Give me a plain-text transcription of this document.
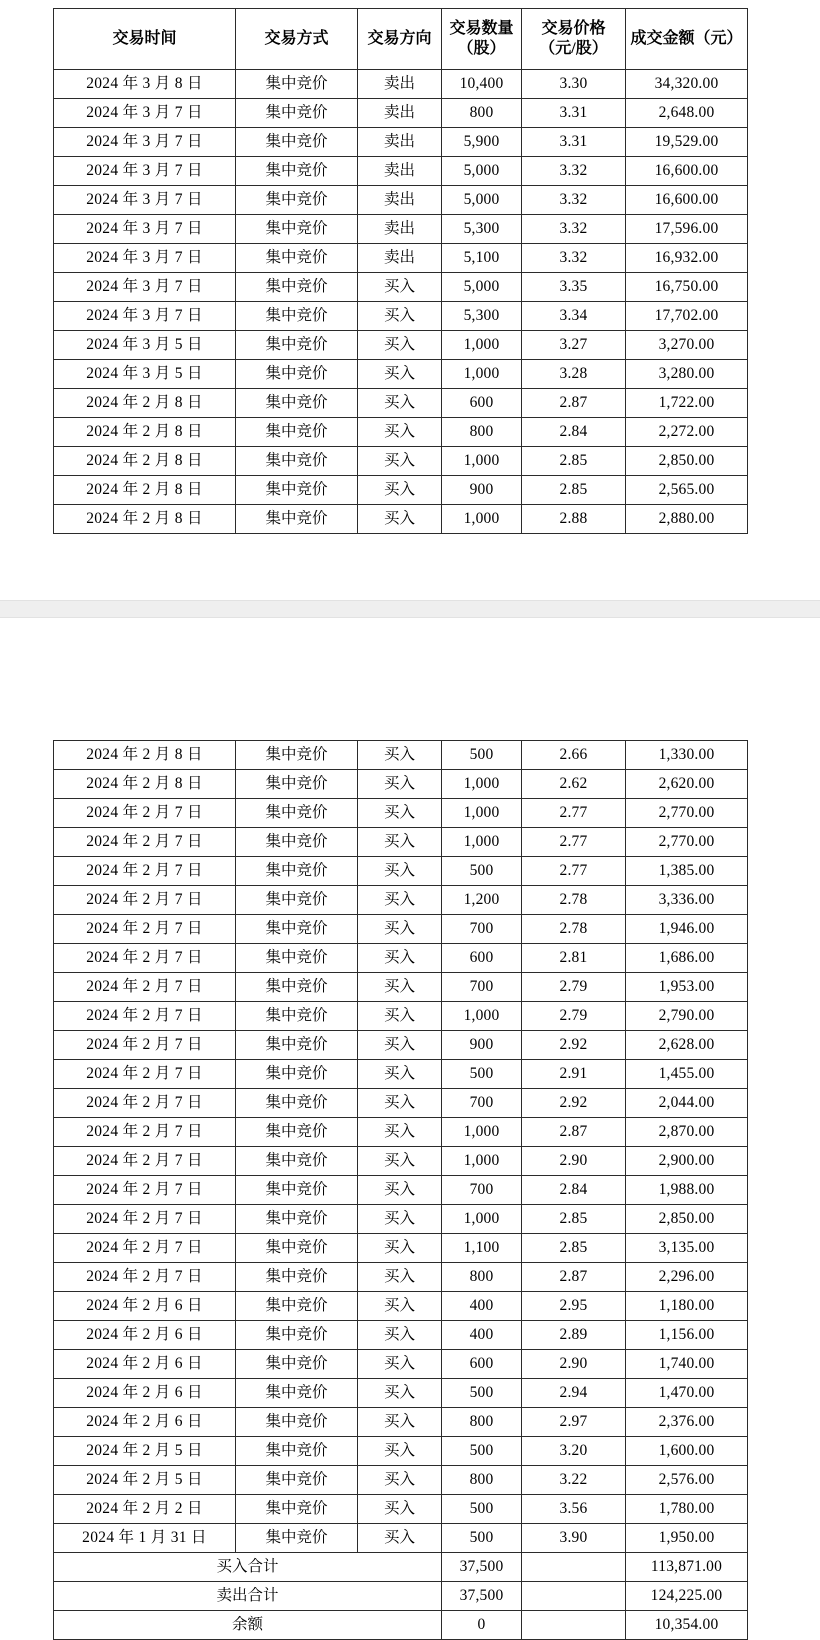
交易时间	交易方式	交易方向	交易数量（股）	交易价格（元/股）	成交金额（元）
2024 年 3 月 8 日	集中竞价	卖出	10,400	3.30	34,320.00
2024 年 3 月 7 日	集中竞价	卖出	800	3.31	2,648.00
2024 年 3 月 7 日	集中竞价	卖出	5,900	3.31	19,529.00
2024 年 3 月 7 日	集中竞价	卖出	5,000	3.32	16,600.00
2024 年 3 月 7 日	集中竞价	卖出	5,000	3.32	16,600.00
2024 年 3 月 7 日	集中竞价	卖出	5,300	3.32	17,596.00
2024 年 3 月 7 日	集中竞价	卖出	5,100	3.32	16,932.00
2024 年 3 月 7 日	集中竞价	买入	5,000	3.35	16,750.00
2024 年 3 月 7 日	集中竞价	买入	5,300	3.34	17,702.00
2024 年 3 月 5 日	集中竞价	买入	1,000	3.27	3,270.00
2024 年 3 月 5 日	集中竞价	买入	1,000	3.28	3,280.00
2024 年 2 月 8 日	集中竞价	买入	600	2.87	1,722.00
2024 年 2 月 8 日	集中竞价	买入	800	2.84	2,272.00
2024 年 2 月 8 日	集中竞价	买入	1,000	2.85	2,850.00
2024 年 2 月 8 日	集中竞价	买入	900	2.85	2,565.00
2024 年 2 月 8 日	集中竞价	买入	1,000	2.88	2,880.00
2024 年 2 月 8 日	集中竞价	买入	500	2.66	1,330.00
2024 年 2 月 8 日	集中竞价	买入	1,000	2.62	2,620.00
2024 年 2 月 7 日	集中竞价	买入	1,000	2.77	2,770.00
2024 年 2 月 7 日	集中竞价	买入	1,000	2.77	2,770.00
2024 年 2 月 7 日	集中竞价	买入	500	2.77	1,385.00
2024 年 2 月 7 日	集中竞价	买入	1,200	2.78	3,336.00
2024 年 2 月 7 日	集中竞价	买入	700	2.78	1,946.00
2024 年 2 月 7 日	集中竞价	买入	600	2.81	1,686.00
2024 年 2 月 7 日	集中竞价	买入	700	2.79	1,953.00
2024 年 2 月 7 日	集中竞价	买入	1,000	2.79	2,790.00
2024 年 2 月 7 日	集中竞价	买入	900	2.92	2,628.00
2024 年 2 月 7 日	集中竞价	买入	500	2.91	1,455.00
2024 年 2 月 7 日	集中竞价	买入	700	2.92	2,044.00
2024 年 2 月 7 日	集中竞价	买入	1,000	2.87	2,870.00
2024 年 2 月 7 日	集中竞价	买入	1,000	2.90	2,900.00
2024 年 2 月 7 日	集中竞价	买入	700	2.84	1,988.00
2024 年 2 月 7 日	集中竞价	买入	1,000	2.85	2,850.00
2024 年 2 月 7 日	集中竞价	买入	1,100	2.85	3,135.00
2024 年 2 月 7 日	集中竞价	买入	800	2.87	2,296.00
2024 年 2 月 6 日	集中竞价	买入	400	2.95	1,180.00
2024 年 2 月 6 日	集中竞价	买入	400	2.89	1,156.00
2024 年 2 月 6 日	集中竞价	买入	600	2.90	1,740.00
2024 年 2 月 6 日	集中竞价	买入	500	2.94	1,470.00
2024 年 2 月 6 日	集中竞价	买入	800	2.97	2,376.00
2024 年 2 月 5 日	集中竞价	买入	500	3.20	1,600.00
2024 年 2 月 5 日	集中竞价	买入	800	3.22	2,576.00
2024 年 2 月 2 日	集中竞价	买入	500	3.56	1,780.00
2024 年 1 月 31 日	集中竞价	买入	500	3.90	1,950.00
买入合计			37,500		113,871.00
卖出合计			37,500		124,225.00
余额			0		10,354.00
